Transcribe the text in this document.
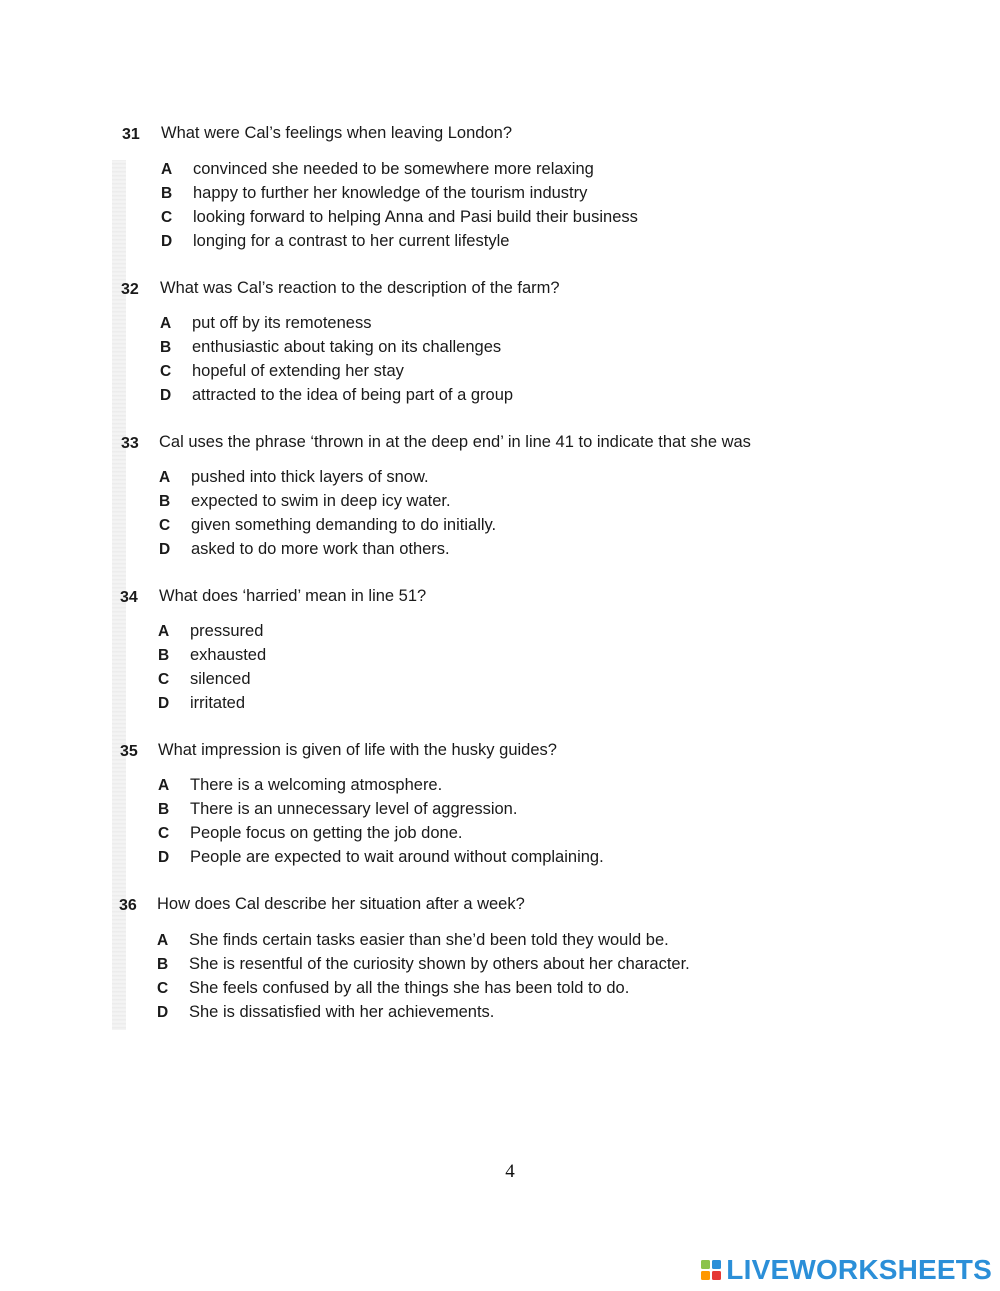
31 What were Cal’s feelings when leaving London?
A convinced she needed to be somewhere more relaxing
B happy to further her knowledge of the tourism industry
C looking forward to helping Anna and Pasi build their business
D longing for a contrast to her current lifestyle
32 What was Cal’s reaction to the description of the farm?
A put off by its remoteness
B enthusiastic about taking on its challenges
C hopeful of extending her stay
D attracted to the idea of being part of a group
33 Cal uses the phrase ‘thrown in at the deep end’ in line 41 to indicate that she was
A pushed into thick layers of snow.
B expected to swim in deep icy water.
C given something demanding to do initially.
D asked to do more work than others.
34 What does ‘harried’ mean in line 51?
A pressured
B exhausted
C silenced
D irritated
35 What impression is given of life with the husky guides?
A There is a welcoming atmosphere.
B There is an unnecessary level of aggression.
C People focus on getting the job done.
D People are expected to wait around without complaining.
36 How does Cal describe her situation after a week?
A She finds certain tasks easier than she’d been told they would be.
B She is resentful of the curiosity shown by others about her character.
C She feels confused by all the things she has been told to do.
D She is dissatisfied with her achievements.
4
LIVEWORKSHEETS
